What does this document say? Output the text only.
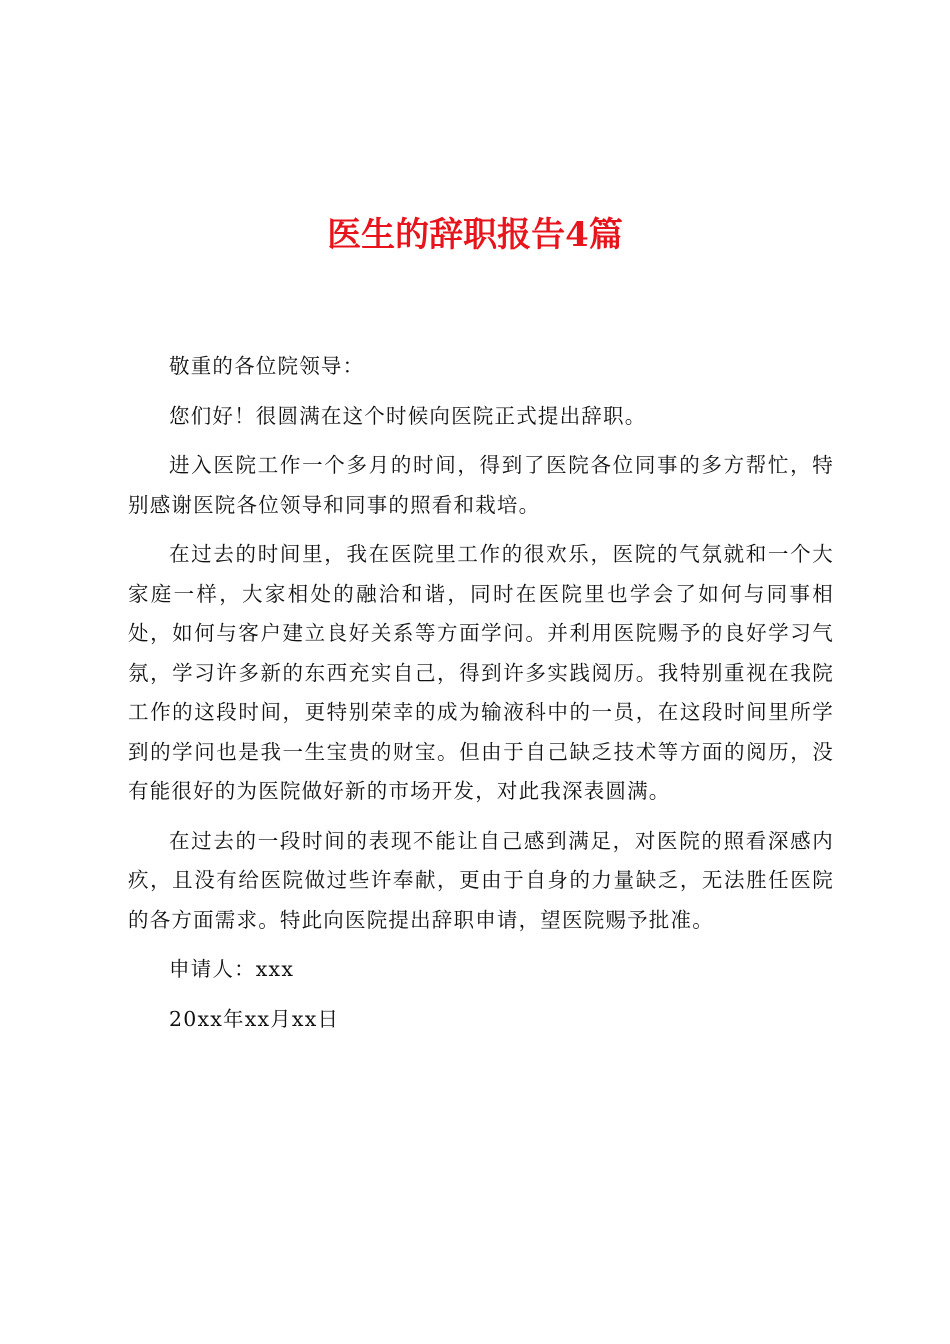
医生的辞职报告4篇

敬重的各位院领导：

您们好！很圆满在这个时候向医院正式提出辞职。

进入医院工作一个多月的时间，得到了医院各位同事的多方帮忙，特别感谢医院各位领导和同事的照看和栽培。

在过去的时间里，我在医院里工作的很欢乐，医院的气氛就和一个大家庭一样，大家相处的融洽和谐，同时在医院里也学会了如何与同事相处，如何与客户建立良好关系等方面学问。并利用医院赐予的良好学习气氛，学习许多新的东西充实自己，得到许多实践阅历。我特别重视在我院工作的这段时间，更特别荣幸的成为输液科中的一员，在这段时间里所学到的学问也是我一生宝贵的财宝。但由于自己缺乏技术等方面的阅历，没有能很好的为医院做好新的市场开发，对此我深表圆满。

在过去的一段时间的表现不能让自己感到满足，对医院的照看深感内疚，且没有给医院做过些许奉献，更由于自身的力量缺乏，无法胜任医院的各方面需求。特此向医院提出辞职申请，望医院赐予批准。

申请人：xxx

20xx年xx月xx日
